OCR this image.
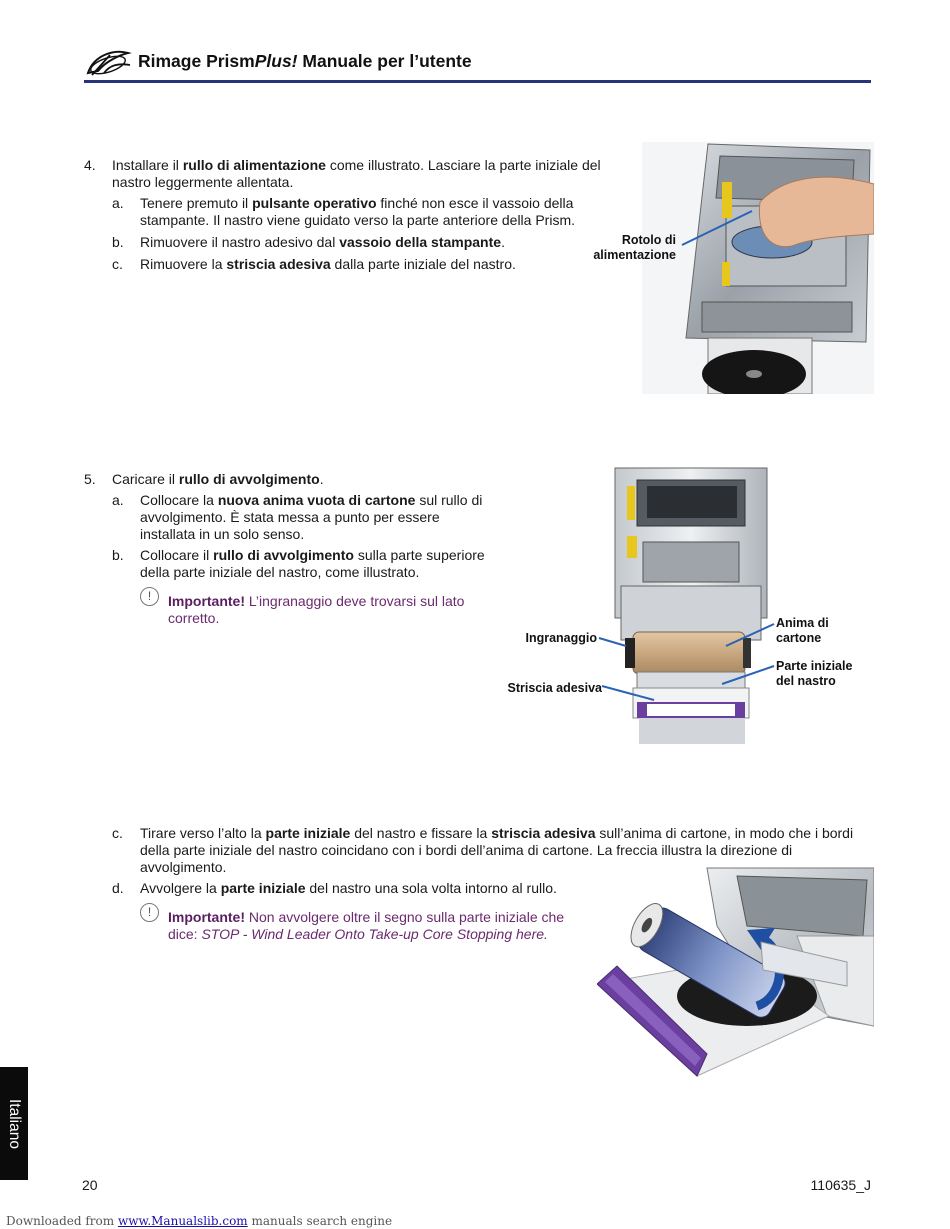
Rimage PrismPlus! Manuale per l’utente
4. Installare il rullo di alimentazione come illustrato. Lasciare la parte iniziale del nastro leggermente allentata.
a. Tenere premuto il pulsante operativo finché non esce il vassoio della stampante. Il nastro viene guidato verso la parte anteriore della Prism.
b. Rimuovere il nastro adesivo dal vassoio della stampante.
c. Rimuovere la striscia adesiva dalla parte iniziale del nastro.
Rotolo di
alimentazione
5. Caricare il rullo di avvolgimento.
a. Collocare la nuova anima vuota di cartone sul rullo di avvolgimento. È stata messa a punto per essere installata in un solo senso.
b. Collocare il rullo di avvolgimento sulla parte superiore della parte iniziale del nastro, come illustrato.
!	Importante! L’ingranaggio deve trovarsi sul lato corretto.
Ingranaggio
Striscia adesiva
Anima di
cartone
Parte iniziale
del nastro
c. Tirare verso l’alto la parte iniziale del nastro e fissare la striscia adesiva sull’anima di cartone, in modo che i bordi della parte iniziale del nastro coincidano con i bordi dell’anima di cartone. La freccia illustra la direzione di avvolgimento.
d. Avvolgere la parte iniziale del nastro una sola volta intorno al rullo.
!	Importante! Non avvolgere oltre il segno sulla parte iniziale che dice: STOP - Wind Leader Onto Take-up Core Stopping here.
Italiano
20	110635_J
Downloaded from www.Manualslib.com manuals search engine
